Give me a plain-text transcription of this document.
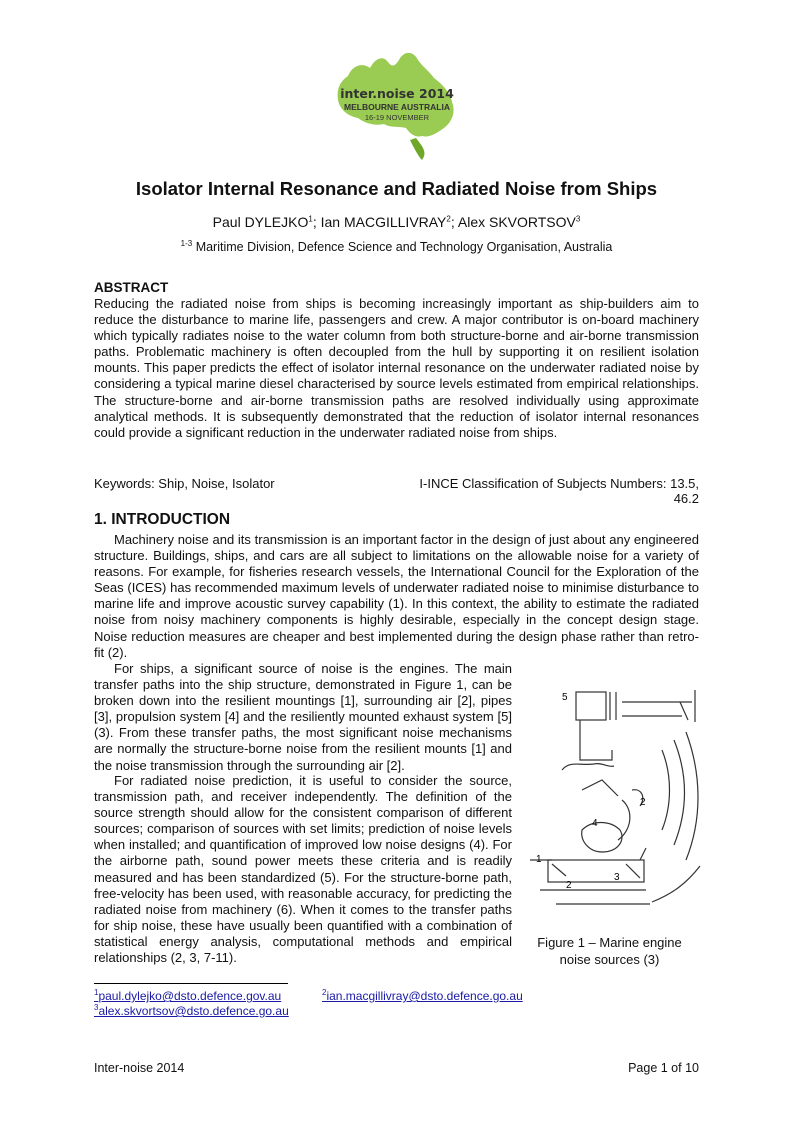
inter.noise 2014
MELBOURNE AUSTRALIA
16-19 NOVEMBER
Isolator Internal Resonance and Radiated Noise from Ships
Paul DYLEJKO$^1$; Ian MACGILLIVRAY$^2$; Alex SKVORTSOV$^3$
$^{1-3}$ Maritime Division, Defence Science and Technology Organisation, Australia
ABSTRACT
Reducing the radiated noise from ships is becoming increasingly important as ship-builders aim to reduce the disturbance to marine life, passengers and crew. A major contributor is on-board machinery which typically radiates noise to the water column from both structure-borne and air-borne transmission paths. Problematic machinery is often decoupled from the hull by supporting it on resilient isolation mounts. This paper predicts the effect of isolator internal resonance on the underwater radiated noise by considering a typical marine diesel characterised by source levels estimated from empirical relationships. The structure-borne and air-borne transmission paths are resolved individually using approximate analytical methods. It is subsequently demonstrated that the reduction of isolator internal resonances could provide a significant reduction in the underwater radiated noise from ships.
Keywords: Ship, Noise, Isolator	I-INCE Classification of Subjects Numbers: 13.5, 46.2
1. INTRODUCTION
Machinery noise and its transmission is an important factor in the design of just about any engineered structure. Buildings, ships, and cars are all subject to limitations on the allowable noise for a variety of reasons. For example, for fisheries research vessels, the International Council for the Exploration of the Seas (ICES) has recommended maximum levels of underwater radiated noise to minimise disturbance to marine life and improve acoustic survey capability (1). In this context, the ability to estimate the radiated noise from noisy machinery components is highly desirable, especially in the concept design stage. Noise reduction measures are cheaper and best implemented during the design phase rather than retro-fit (2).
For ships, a significant source of noise is the engines. The main transfer paths into the ship structure, demonstrated in Figure 1, can be broken down into the resilient mountings [1], surrounding air [2], pipes [3], propulsion system [4] and the resiliently mounted exhaust system [5] (3). From these transfer paths, the most significant noise mechanisms are normally the structure-borne noise from the resilient mounts [1] and the noise transmission through the surrounding air [2].
For radiated noise prediction, it is useful to consider the source, transmission path, and receiver independently. The definition of the source strength should allow for the consistent comparison of different sources; comparison of sources with set limits; prediction of noise levels when installed; and quantification of improved low noise designs (4). For the airborne path, sound power meets these criteria and is readily measured and has been standardized (5). For the structure-borne path, free-velocity has been used, with reasonable accuracy, for predicting the radiated noise from machinery (6). When it comes to the transfer paths for ship noise, these have usually been quantified with a combination of statistical energy analysis, computational methods and empirical relationships (2, 3, 7-11).
5
2
4
1
3
2
Figure 1 – Marine engine noise sources (3)
$^1$paul.dylejko@dsto.defence.gov.au	$^2$ian.macgillivray@dsto.defence.go.au
$^3$alex.skvortsov@dsto.defence.go.au
Inter-noise 2014	Page 1 of 10
